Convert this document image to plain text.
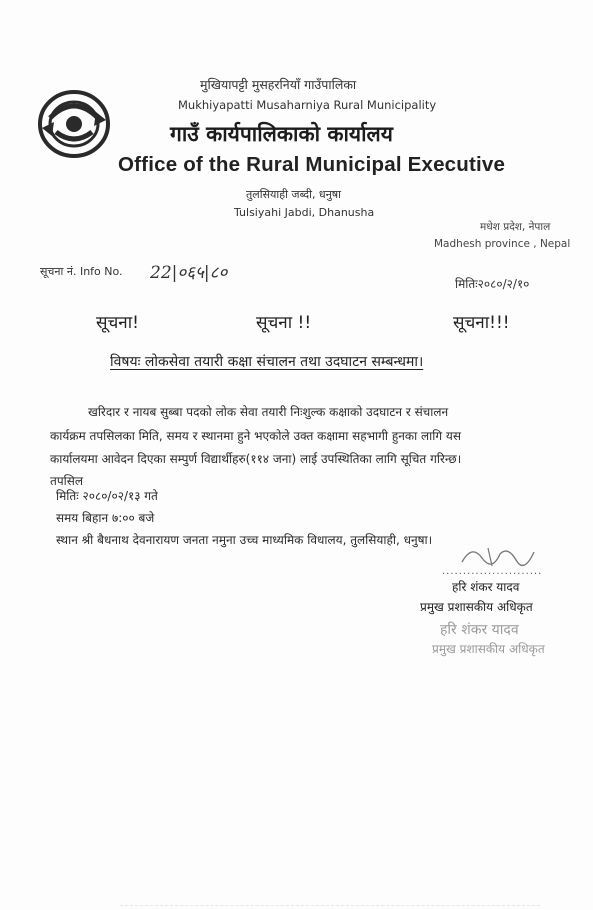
मुखियापट्टी मुसहरनियाँ गाउँपालिका
Mukhiyapatti Musaharniya Rural Municipality
गाउँ कार्यपालिकाको कार्यालय
Office of the Rural Municipal Executive
तुलसियाही जब्दी, धनुषा
Tulsiyahi Jabdi, Dhanusha
मधेश प्रदेश, नेपाल
Madhesh province , Nepal
सूचना नं. Info No. 22|०६५|८०
मितिः२०८०/२/१०
सूचना!	सूचना !!	सूचना!!!
विषयः लोकसेवा तयारी कक्षा संचालन तथा उदघाटन सम्बन्धमा।
खरिदार र नायब सुब्बा पदको लोक सेवा तयारी निःशुल्क कक्षाको उदघाटन र संचालन
कार्यक्रम तपसिलका मिति, समय र स्थानमा हुने भएकोले उक्त कक्षामा सहभागी हुनका लागि यस
कार्यालयमा आवेदन दिएका सम्पुर्ण विद्यार्थीहरु(११४ जना) लाई उपस्थितिका लागि सूचित गरिन्छ।
तपसिल
मितिः २०८०/०२/१३ गते
समय बिहान ७:०० बजे
स्थान श्री बैधनाथ देवनारायण जनता नमुना उच्च माध्यमिक विधालय, तुलसियाही, धनुषा।
........................
हरि शंकर यादव
प्रमुख प्रशासकीय अधिकृत
हरि शंकर यादव
प्रमुख प्रशासकीय अधिकृत
